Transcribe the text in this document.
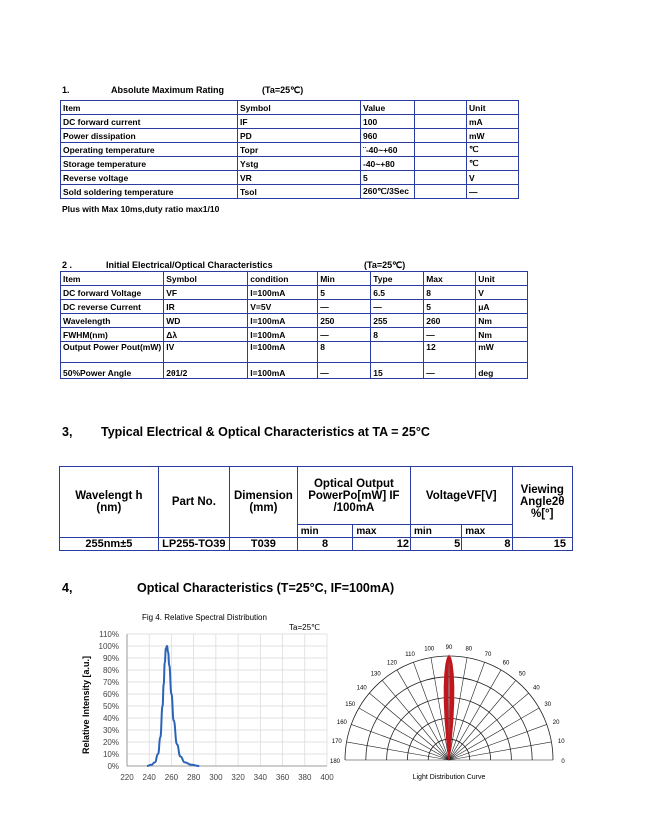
1.	Absolute Maximum Rating	(Ta=25℃)
Item	Symbol	Value		Unit
DC forward current	IF	100		mA
Power dissipation	PD	960		mW
Operating temperature	Topr	¨-40~+60		℃
Storage temperature	Ystg	-40~+80		℃
Reverse voltage	VR	5		V
Sold soldering temperature	Tsol	260℃/3Sec		—
Plus with Max 10ms,duty ratio max1/10
2 .	Initial Electrical/Optical Characteristics	(Ta=25℃)
Item	Symbol	condition	Min	Type	Max	Unit
DC forward Voltage	VF	I=100mA	5	6.5	8	V
DC reverse Current	IR	V=5V	—	—	5	μA
Wavelength	WD	I=100mA	250	255	260	Nm
FWHM(nm)	Δλ	I=100mA	—	8	—	Nm
Output Power Pout(mW)	IV	I=100mA	8		12	mW
50%Power Angle	2θ1/2	I=100mA	—	15	—	deg
3, Typical Electrical & Optical Characteristics at TA = 25°C
Wavelengt h (nm)	Part No.	Dimension (mm)	Optical Output PowerPo[mW] IF /100mA		VoltageVF[V]		Viewing Angle2θ %[°]
			min	max	min	max	
255nm±5	LP255-TO39	T039	8	12	5	8	15
4,	Optical Characteristics (T=25°C, IF=100mA)
0%
10%
20%
30%
40%
50%
60%
70%
80%
90%
100%
110%
220 240 260 280 300 320 340 360 380 400
Fig 4. Relative Spectral Distribution
Ta=25℃
Relative Intensity [a.u.]
0
10
20
30
40
50
60
70
80
90
100
110
120
130
140
150
160
170
180
Light Distribution Curve
